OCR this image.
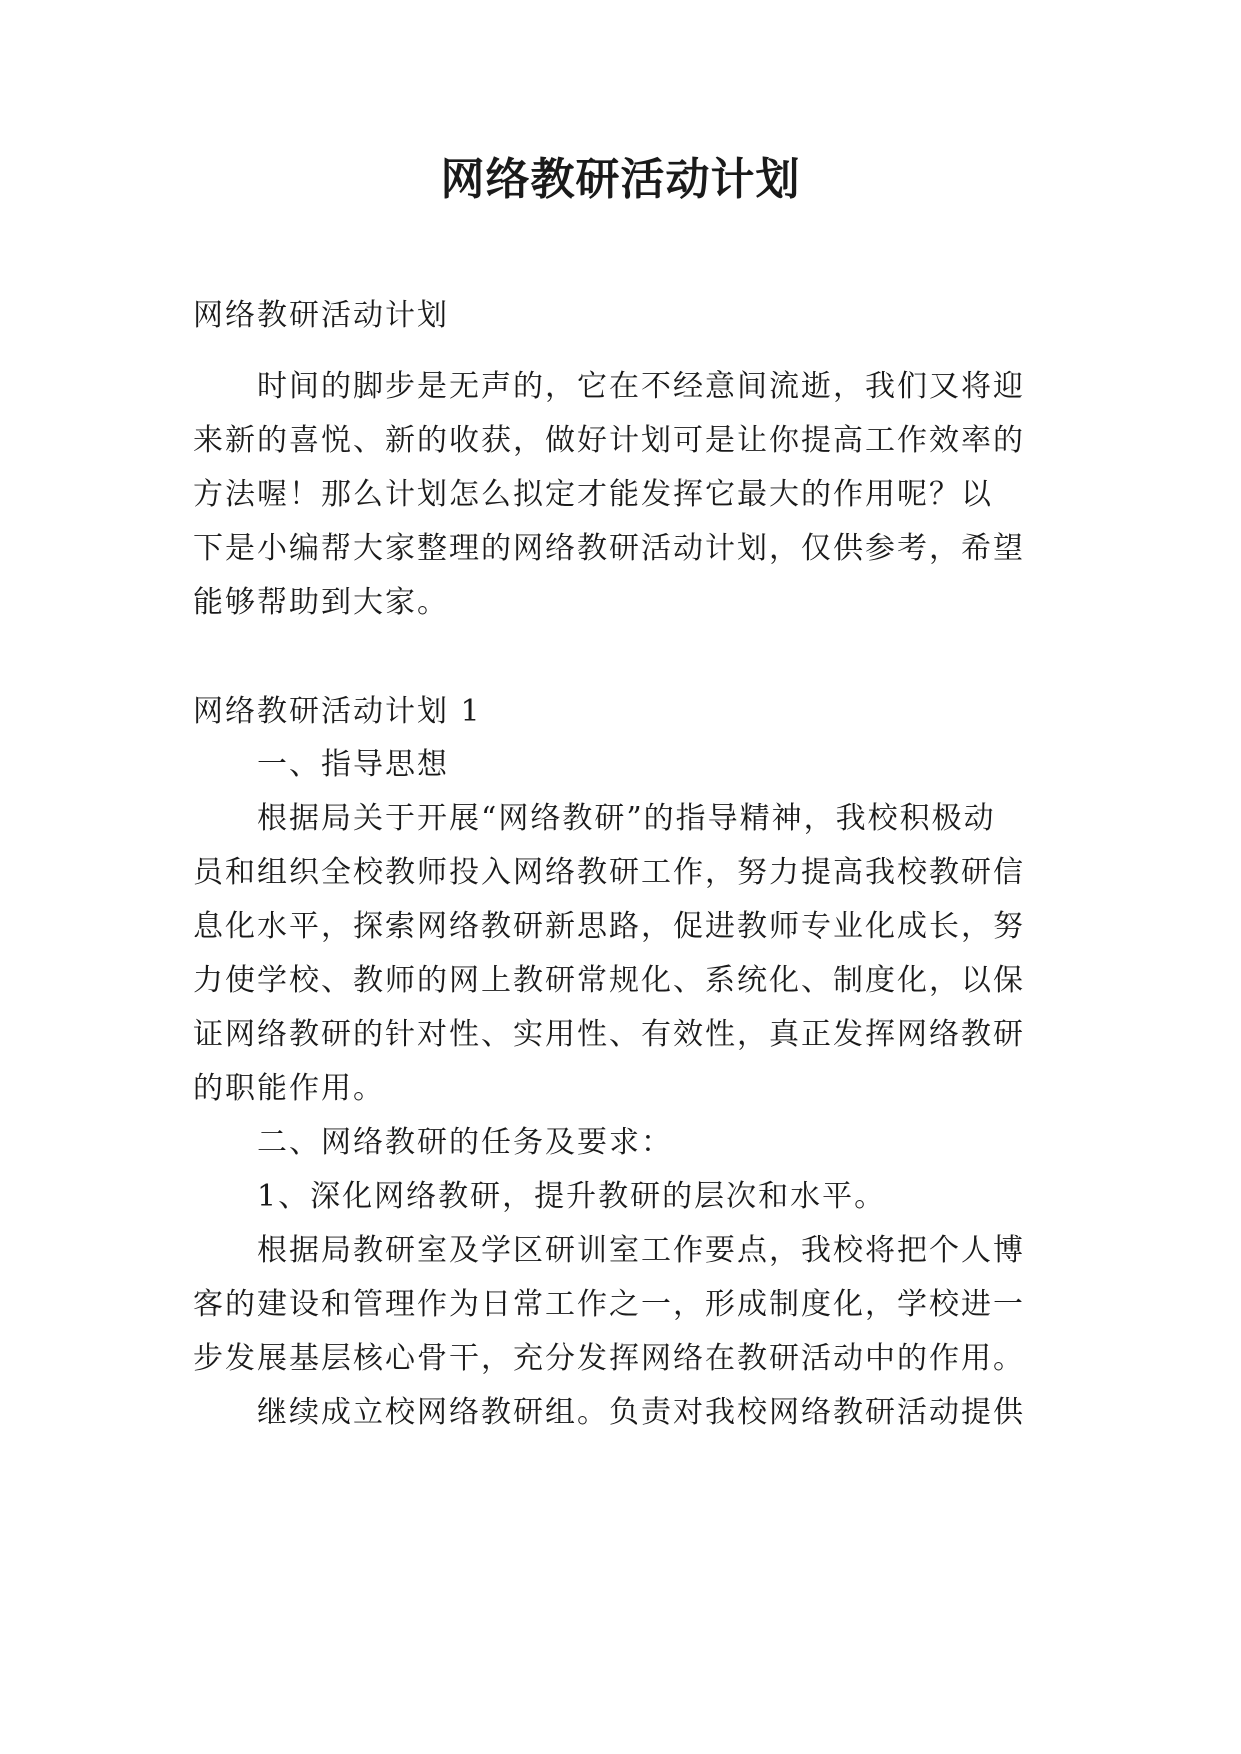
网络教研活动计划
网络教研活动计划
　　时间的脚步是无声的，它在不经意间流逝，我们又将迎
来新的喜悦、新的收获，做好计划可是让你提高工作效率的
方法喔！那么计划怎么拟定才能发挥它最大的作用呢？以
下是小编帮大家整理的网络教研活动计划，仅供参考，希望
能够帮助到大家。
网络教研活动计划 1
　　一、指导思想
　　根据局关于开展“网络教研”的指导精神，我校积极动
员和组织全校教师投入网络教研工作，努力提高我校教研信
息化水平，探索网络教研新思路，促进教师专业化成长，努
力使学校、教师的网上教研常规化、系统化、制度化，以保
证网络教研的针对性、实用性、有效性，真正发挥网络教研
的职能作用。
　　二、网络教研的任务及要求：
　　1、深化网络教研，提升教研的层次和水平。
　　根据局教研室及学区研训室工作要点，我校将把个人博
客的建设和管理作为日常工作之一，形成制度化，学校进一
步发展基层核心骨干，充分发挥网络在教研活动中的作用。
　　继续成立校网络教研组。负责对我校网络教研活动提供
